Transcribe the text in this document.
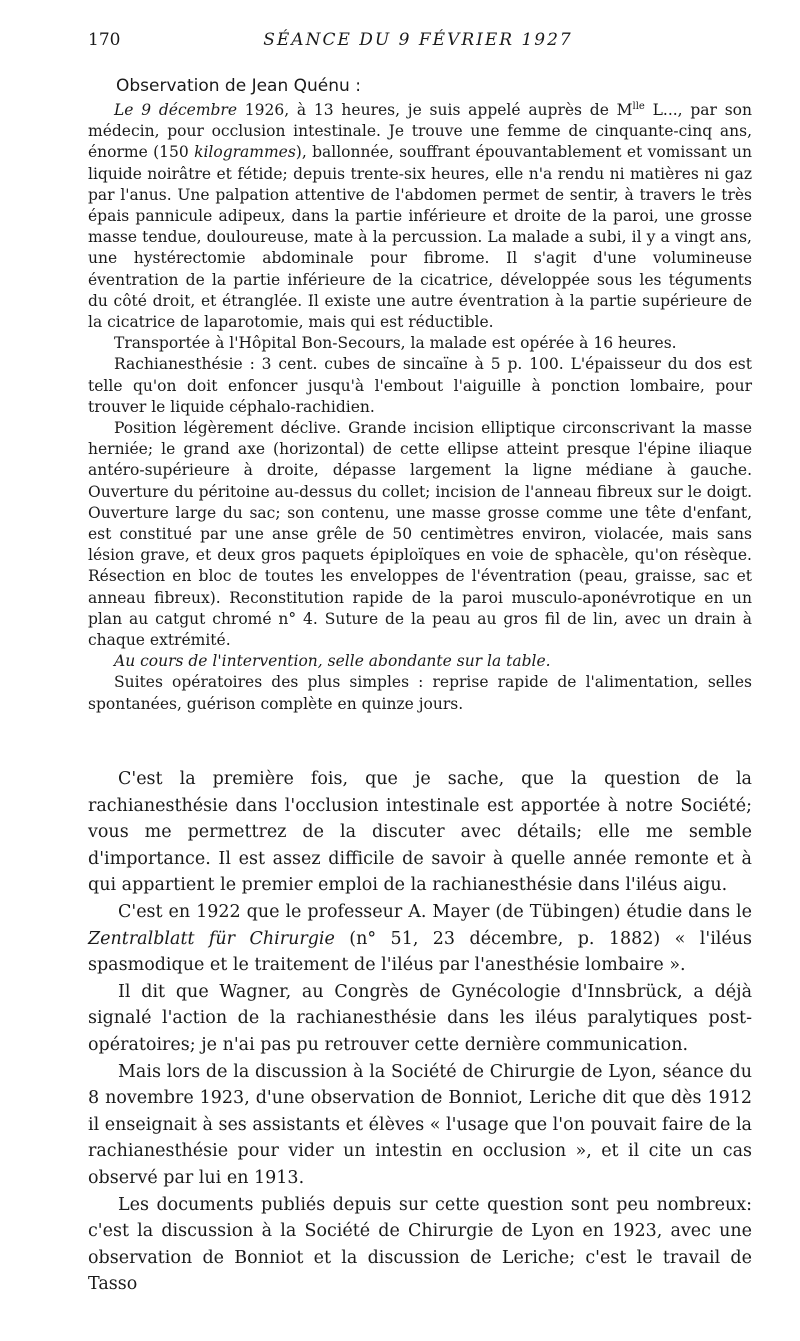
170	SÉANCE DU 9 FÉVRIER 1927
Observation de Jean Quénu :

Le 9 décembre 1926, à 13 heures, je suis appelé auprès de $M^{lle}$ L..., par son médecin, pour occlusion intestinale. Je trouve une femme de cinquante-cinq ans, énorme (150 kilogrammes), ballonnée, souffrant épouvantablement et vomissant un liquide noirâtre et fétide; depuis trente-six heures, elle n'a rendu ni matières ni gaz par l'anus. Une palpation attentive de l'abdomen permet de sentir, à travers le très épais pannicule adipeux, dans la partie inférieure et droite de la paroi, une grosse masse tendue, douloureuse, mate à la percussion. La malade a subi, il y a vingt ans, une hystérectomie abdominale pour fibrome. Il s'agit d'une volumineuse éventration de la partie inférieure de la cicatrice, développée sous les téguments du côté droit, et étranglée. Il existe une autre éventration à la partie supérieure de la cicatrice de laparotomie, mais qui est réductible.

Transportée à l'Hôpital Bon-Secours, la malade est opérée à 16 heures.

Rachianesthésie : 3 cent. cubes de sincaïne à 5 p. 100. L'épaisseur du dos est telle qu'on doit enfoncer jusqu'à l'embout l'aiguille à ponction lombaire, pour trouver le liquide céphalo-rachidien.

Position légèrement déclive. Grande incision elliptique circonscrivant la masse herniée; le grand axe (horizontal) de cette ellipse atteint presque l'épine iliaque antéro-supérieure à droite, dépasse largement la ligne médiane à gauche. Ouverture du péritoine au-dessus du collet; incision de l'anneau fibreux sur le doigt. Ouverture large du sac; son contenu, une masse grosse comme une tête d'enfant, est constitué par une anse grêle de 50 centimètres environ, violacée, mais sans lésion grave, et deux gros paquets épiploïques en voie de sphacèle, qu'on résèque. Résection en bloc de toutes les enveloppes de l'éventration (peau, graisse, sac et anneau fibreux). Reconstitution rapide de la paroi musculo-aponévrotique en un plan au catgut chromé n° 4. Suture de la peau au gros fil de lin, avec un drain à chaque extrémité.

Au cours de l'intervention, selle abondante sur la table.

Suites opératoires des plus simples : reprise rapide de l'alimentation, selles spontanées, guérison complète en quinze jours.

C'est la première fois, que je sache, que la question de la rachianesthésie dans l'occlusion intestinale est apportée à notre Société; vous me permettrez de la discuter avec détails; elle me semble d'importance. Il est assez difficile de savoir à quelle année remonte et à qui appartient le premier emploi de la rachianesthésie dans l'iléus aigu.

C'est en 1922 que le professeur A. Mayer (de Tübingen) étudie dans le Zentralblatt für Chirurgie (n° 51, 23 décembre, p. 1882) « l'iléus spasmodique et le traitement de l'iléus par l'anesthésie lombaire ».

Il dit que Wagner, au Congrès de Gynécologie d'Innsbrück, a déjà signalé l'action de la rachianesthésie dans les iléus paralytiques post-opératoires; je n'ai pas pu retrouver cette dernière communication.

Mais lors de la discussion à la Société de Chirurgie de Lyon, séance du 8 novembre 1923, d'une observation de Bonniot, Leriche dit que dès 1912 il enseignait à ses assistants et élèves « l'usage que l'on pouvait faire de la rachianesthésie pour vider un intestin en occlusion », et il cite un cas observé par lui en 1913.

Les documents publiés depuis sur cette question sont peu nombreux: c'est la discussion à la Société de Chirurgie de Lyon en 1923, avec une observation de Bonniot et la discussion de Leriche; c'est le travail de Tasso
